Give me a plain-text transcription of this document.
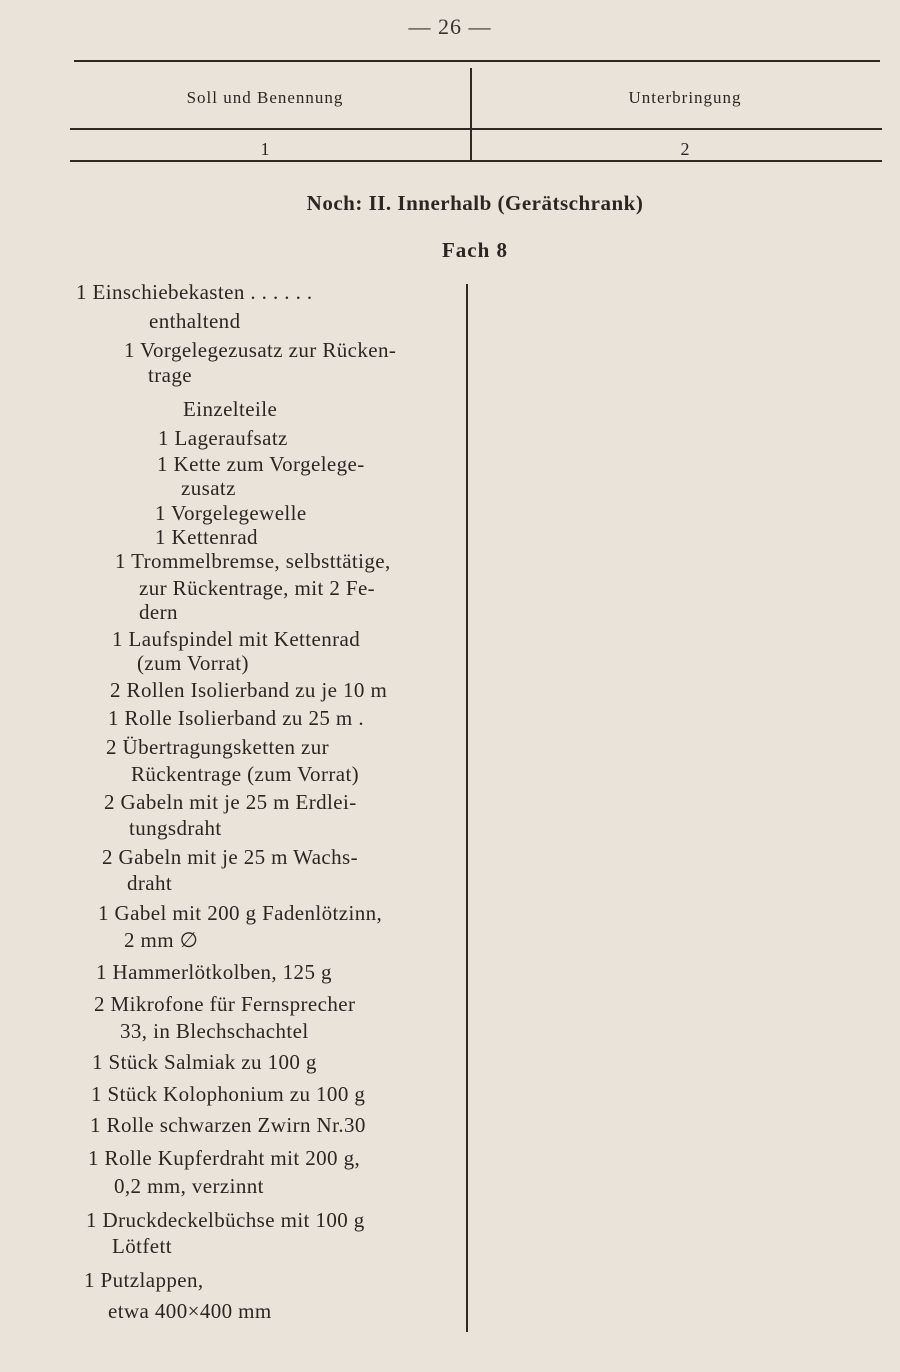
— 26 —
Soll und Benennung	Unterbringung
1	2
Noch: II. Innerhalb (Gerätschrank)
Fach 8
1 Einschiebekasten . . . . . .
enthaltend
1 Vorgelegezusatz zur Rücken-
trage
Einzelteile
1 Lageraufsatz
1 Kette zum Vorgelege-
zusatz
1 Vorgelegewelle
1 Kettenrad
1 Trommelbremse, selbsttätige,
zur Rückentrage, mit 2 Fe-
dern
1 Laufspindel mit Kettenrad
(zum Vorrat)
2 Rollen Isolierband zu je 10 m
1 Rolle Isolierband zu 25 m .
2 Übertragungsketten zur
Rückentrage (zum Vorrat)
2 Gabeln mit je 25 m Erdlei-
tungsdraht
2 Gabeln mit je 25 m Wachs-
draht
1 Gabel mit 200 g Fadenlötzinn,
2 mm ∅
1 Hammerlötkolben, 125 g
2 Mikrofone für Fernsprecher
33, in Blechschachtel
1 Stück Salmiak zu 100 g
1 Stück Kolophonium zu 100 g
1 Rolle schwarzen Zwirn Nr.30
1 Rolle Kupferdraht mit 200 g,
0,2 mm, verzinnt
1 Druckdeckelbüchse mit 100 g
Lötfett
1 Putzlappen,
etwa 400×400 mm
